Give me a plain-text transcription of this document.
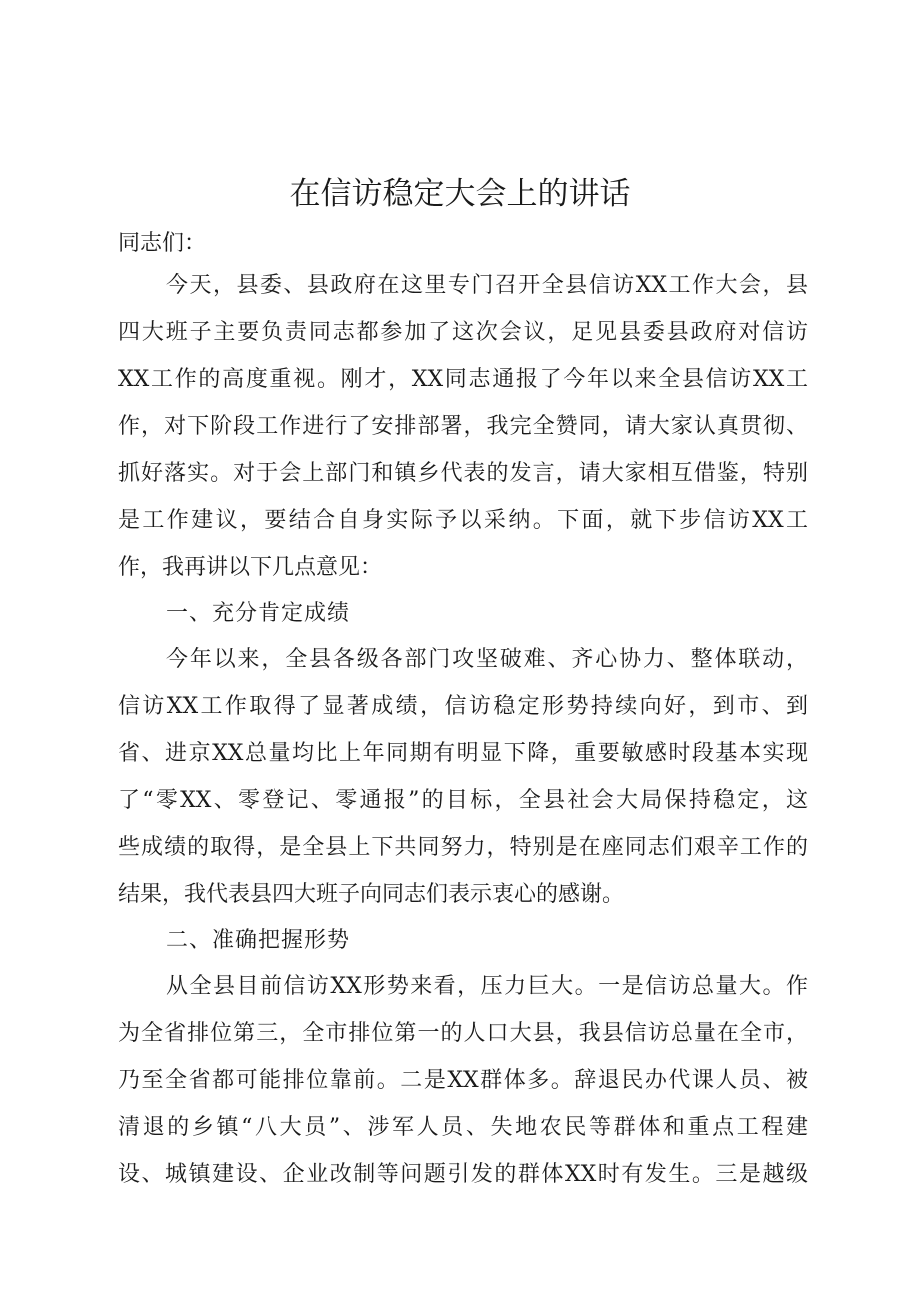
在信访稳定大会上的讲话
同志们：
今天，县委、县政府在这里专门召开全县信访XX工作大会，县
四大班子主要负责同志都参加了这次会议，足见县委县政府对信访
XX工作的高度重视。刚才，XX同志通报了今年以来全县信访XX工
作，对下阶段工作进行了安排部署，我完全赞同，请大家认真贯彻、
抓好落实。对于会上部门和镇乡代表的发言，请大家相互借鉴，特别
是工作建议，要结合自身实际予以采纳。下面，就下步信访XX工
作，我再讲以下几点意见：
一、充分肯定成绩
今年以来，全县各级各部门攻坚破难、齐心协力、整体联动，
信访XX工作取得了显著成绩，信访稳定形势持续向好，到市、到
省、进京XX总量均比上年同期有明显下降，重要敏感时段基本实现
了“零XX、零登记、零通报”的目标，全县社会大局保持稳定，这
些成绩的取得，是全县上下共同努力，特别是在座同志们艰辛工作的
结果，我代表县四大班子向同志们表示衷心的感谢。
二、准确把握形势
从全县目前信访XX形势来看，压力巨大。一是信访总量大。作
为全省排位第三，全市排位第一的人口大县，我县信访总量在全市，
乃至全省都可能排位靠前。二是XX群体多。辞退民办代课人员、被
清退的乡镇“八大员”、涉军人员、失地农民等群体和重点工程建
设、城镇建设、企业改制等问题引发的群体XX时有发生。三是越级
